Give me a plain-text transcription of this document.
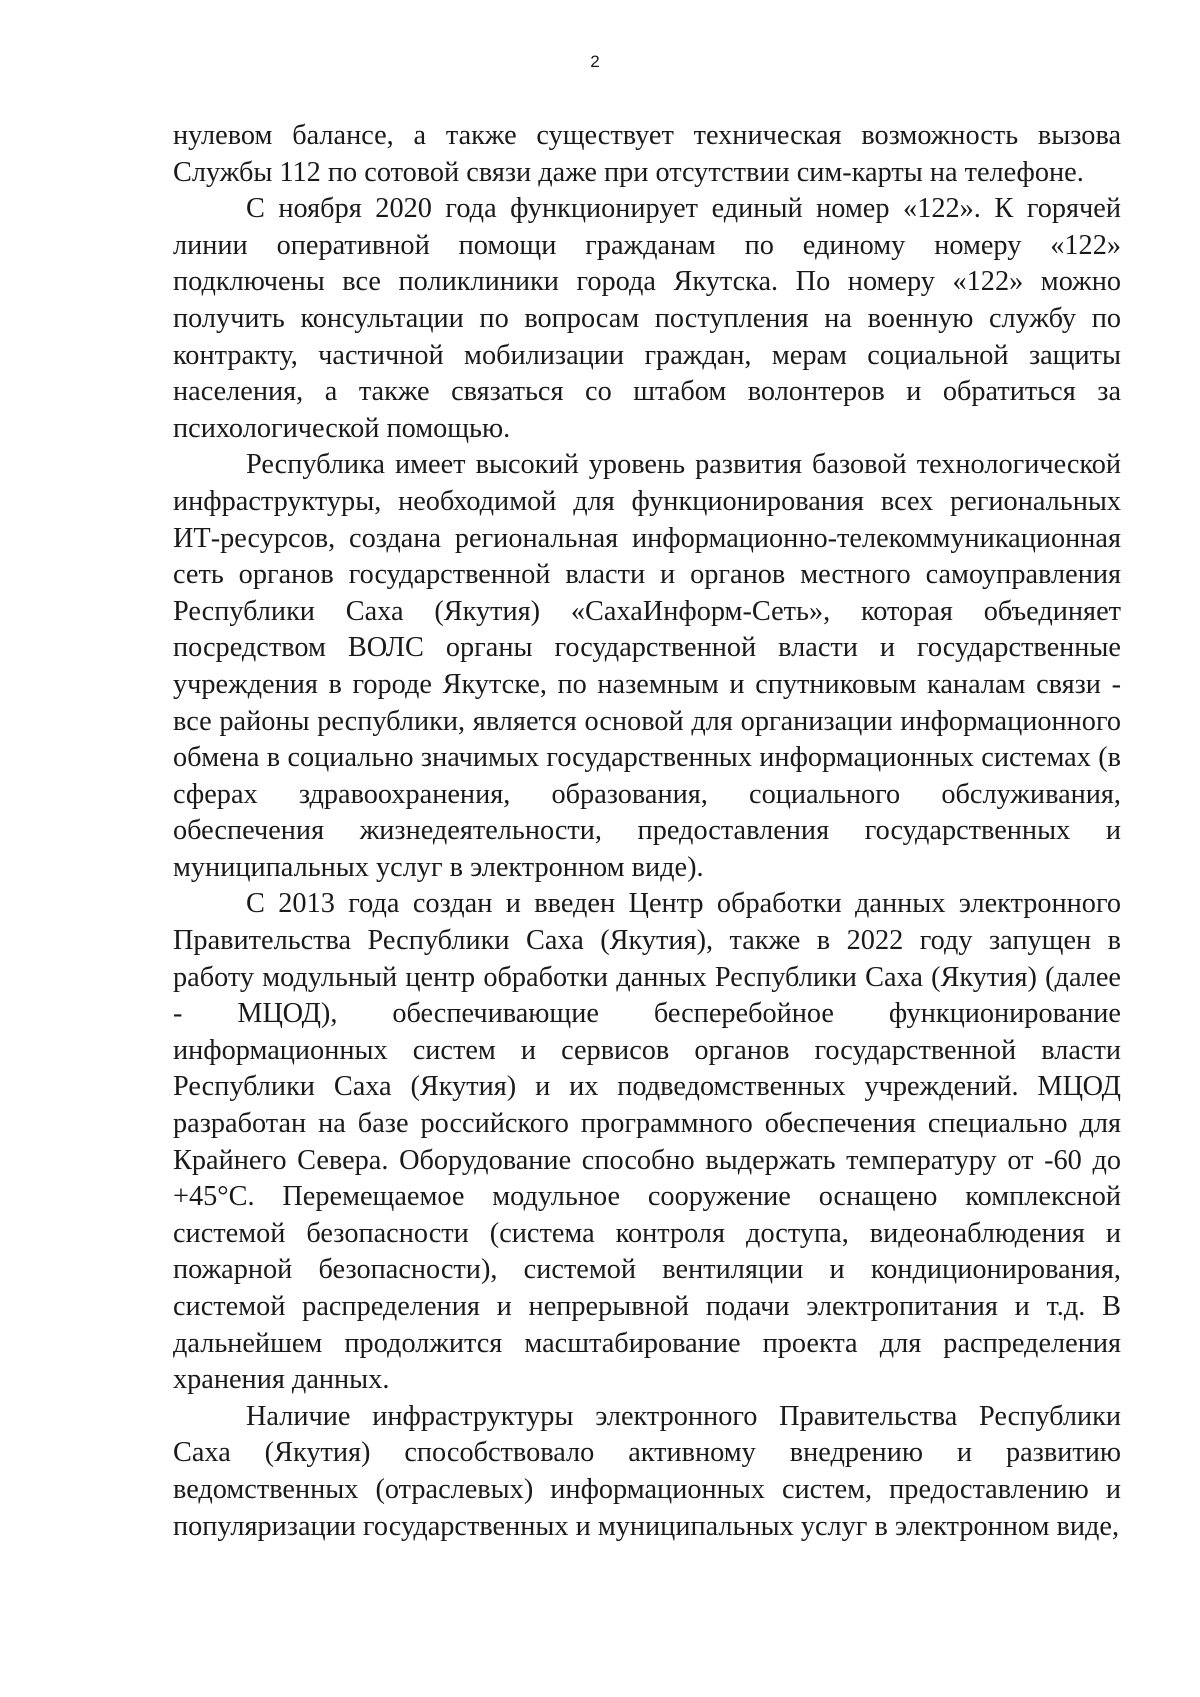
2

нулевом балансе, а также существует техническая возможность вызова Службы 112 по сотовой связи даже при отсутствии сим-карты на телефоне.

С ноября 2020 года функционирует единый номер «122». К горячей линии оперативной помощи гражданам по единому номеру «122» подключены все поликлиники города Якутска. По номеру «122» можно получить консультации по вопросам поступления на военную службу по контракту, частичной мобилизации граждан, мерам социальной защиты населения, а также связаться со штабом волонтеров и обратиться за психологической помощью.

Республика имеет высокий уровень развития базовой технологической инфраструктуры, необходимой для функционирования всех региональных ИТ-ресурсов, создана региональная информационно-телекоммуникационная сеть органов государственной власти и органов местного самоуправления Республики Саха (Якутия) «СахаИнформ-Сеть», которая объединяет посредством ВОЛС органы государственной власти и государственные учреждения в городе Якутске, по наземным и спутниковым каналам связи - все районы республики, является основой для организации информационного обмена в социально значимых государственных информационных системах (в сферах здравоохранения, образования, социального обслуживания, обеспечения жизнедеятельности, предоставления государственных и муниципальных услуг в электронном виде).

С 2013 года создан и введен Центр обработки данных электронного Правительства Республики Саха (Якутия), также в 2022 году запущен в работу модульный центр обработки данных Республики Саха (Якутия) (далее - МЦОД), обеспечивающие бесперебойное функционирование информационных систем и сервисов органов государственной власти Республики Саха (Якутия) и их подведомственных учреждений. МЦОД разработан на базе российского программного обеспечения специально для Крайнего Севера. Оборудование способно выдержать температуру от -60 до +45°С. Перемещаемое модульное сооружение оснащено комплексной системой безопасности (система контроля доступа, видеонаблюдения и пожарной безопасности), системой вентиляции и кондиционирования, системой распределения и непрерывной подачи электропитания и т.д. В дальнейшем продолжится масштабирование проекта для распределения хранения данных.

Наличие инфраструктуры электронного Правительства Республики Саха (Якутия) способствовало активному внедрению и развитию ведомственных (отраслевых) информационных систем, предоставлению и популяризации государственных и муниципальных услуг в электронном виде,
